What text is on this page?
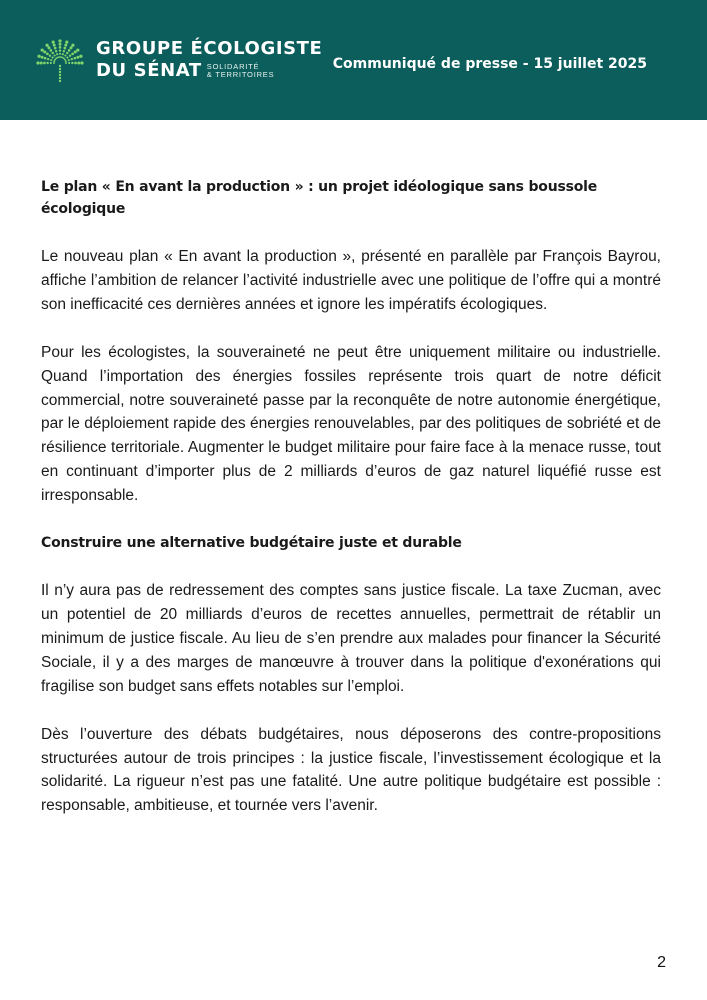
GROUPE ÉCOLOGISTE
DU SÉNAT SOLIDARITÉ
& TERRITOIRES
Communiqué de presse - 15 juillet 2025
Le plan « En avant la production » : un projet idéologique sans boussole écologique

Le nouveau plan « En avant la production », présenté en parallèle par François Bayrou, affiche l’ambition de relancer l’activité industrielle avec une politique de l’offre qui a montré son inefficacité ces dernières années et ignore les impératifs écologiques.

Pour les écologistes, la souveraineté ne peut être uniquement militaire ou industrielle. Quand l’importation des énergies fossiles représente trois quart de notre déficit commercial, notre souveraineté passe par la reconquête de notre autonomie énergétique, par le déploiement rapide des énergies renouvelables, par des politiques de sobriété et de résilience territoriale. Augmenter le budget militaire pour faire face à la menace russe, tout en continuant d’importer plus de 2 milliards d’euros de gaz naturel liquéfié russe est irresponsable.

Construire une alternative budgétaire juste et durable

Il n’y aura pas de redressement des comptes sans justice fiscale. La taxe Zucman, avec un potentiel de 20 milliards d’euros de recettes annuelles, permettrait de rétablir un minimum de justice fiscale. Au lieu de s’en prendre aux malades pour financer la Sécurité Sociale, il y a des marges de manœuvre à trouver dans la politique d'exonérations qui fragilise son budget sans effets notables sur l’emploi.

Dès l’ouverture des débats budgétaires, nous déposerons des contre-propositions structurées autour de trois principes : la justice fiscale, l’investissement écologique et la solidarité. La rigueur n’est pas une fatalité. Une autre politique budgétaire est possible : responsable, ambitieuse, et tournée vers l’avenir.

2
